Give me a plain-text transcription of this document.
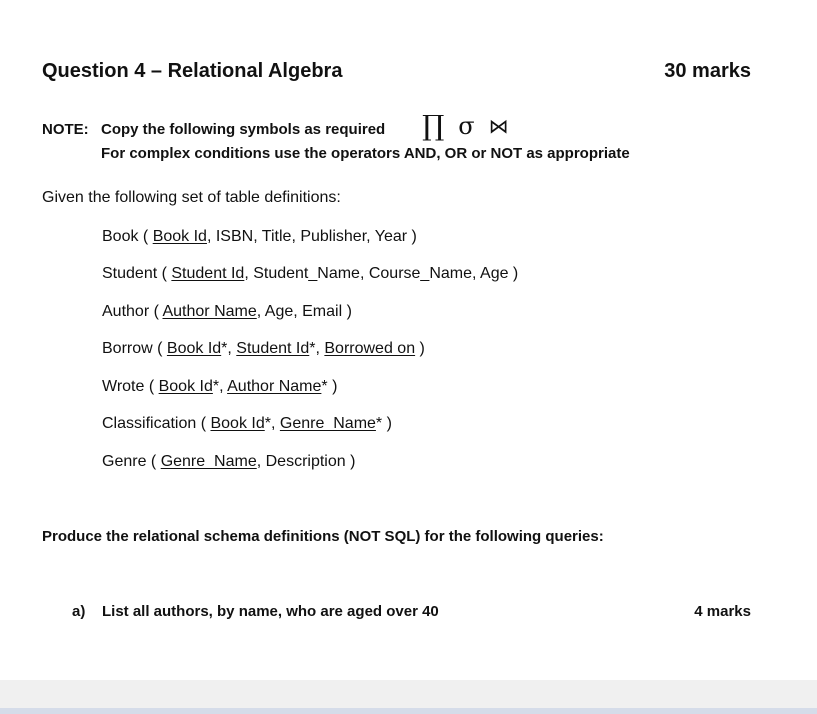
Question 4 – Relational Algebra	30 marks
NOTE: Copy the following symbols as required ∏ σ ⋈
For complex conditions use the operators AND, OR or NOT as appropriate
Given the following set of table definitions:
Book ( Book Id, ISBN, Title, Publisher, Year )
Student ( Student Id, Student_Name, Course_Name, Age )
Author ( Author Name, Age, Email )
Borrow ( Book Id*, Student Id*, Borrowed on )
Wrote ( Book Id*, Author Name* )
Classification ( Book Id*, Genre_Name* )
Genre ( Genre_Name, Description )
Produce the relational schema definitions (NOT SQL) for the following queries:
a) List all authors, by name, who are aged over 40	4 marks
